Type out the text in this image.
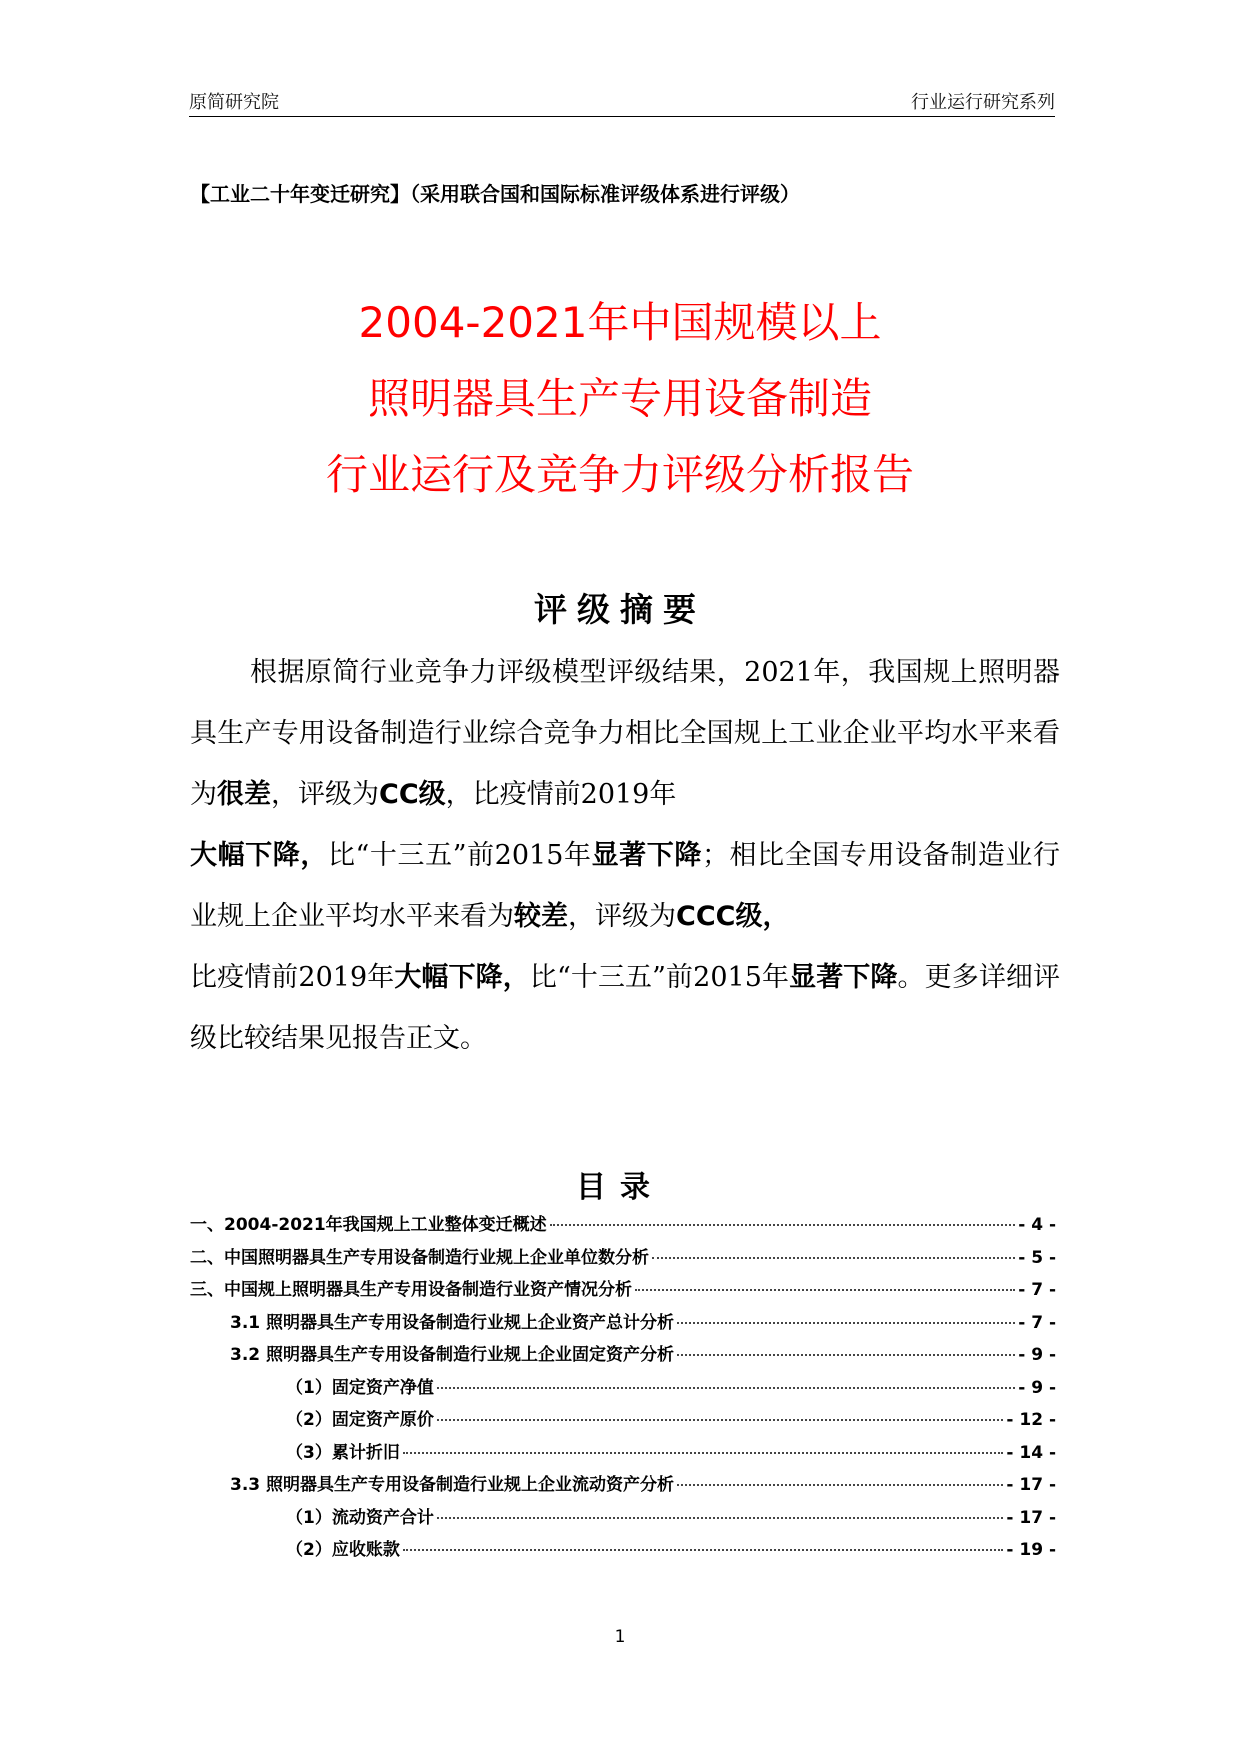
原简研究院	行业运行研究系列
【工业二十年变迁研究】（采用联合国和国际标准评级体系进行评级）
2004-2021年中国规模以上
照明器具生产专用设备制造
行业运行及竞争力评级分析报告
评级摘要

根据原简行业竞争力评级模型评级结果，2021年，我国规上照明器具生产专用设备制造行业综合竞争力相比全国规上工业企业平均水平来看为很差，评级为CC级，比疫情前2019年
大幅下降，比“十三五”前2015年显著下降；相比全国专用设备制造业行业规上企业平均水平来看为较差，评级为CCC级，
比疫情前2019年大幅下降，比“十三五”前2015年显著下降。更多详细评级比较结果见报告正文。

目录
一、2004-2021年我国规上工业整体变迁概述	- 4 -
二、中国照明器具生产专用设备制造行业规上企业单位数分析	- 5 -
三、中国规上照明器具生产专用设备制造行业资产情况分析	- 7 -
3.1 照明器具生产专用设备制造行业规上企业资产总计分析	- 7 -
3.2 照明器具生产专用设备制造行业规上企业固定资产分析	- 9 -
（1）固定资产净值	- 9 -
（2）固定资产原价	- 12 -
（3）累计折旧	- 14 -
3.3 照明器具生产专用设备制造行业规上企业流动资产分析	- 17 -
（1）流动资产合计	- 17 -
（2）应收账款	- 19 -
1
